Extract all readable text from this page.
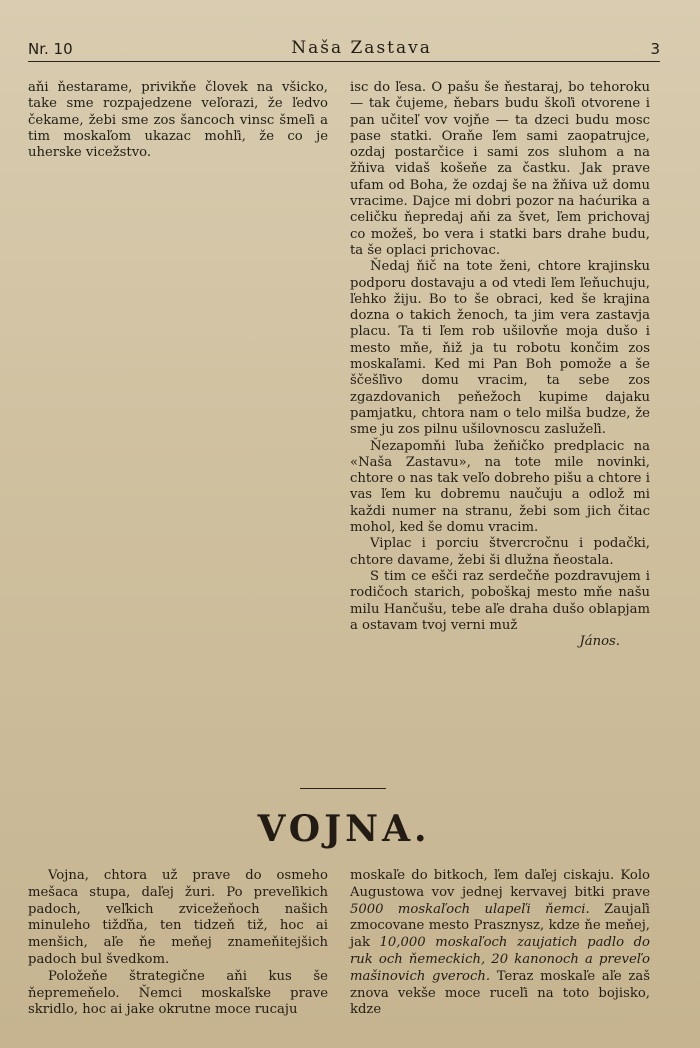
Nr. 10	Naša Zastava	3

aňi ňestarame, privikňe človek na všicko, take sme rozpajedzene veľorazi, že ľedvo čekame, žebi sme zos šancoch vinsc šmeľi a tim moskaľom ukazac mohľi, že co je uherske vicežstvo.

isc do ľesa. O pašu še ňestaraj, bo tehoroku — tak čujeme, ňebars budu škoľi otvorene i pan učiteľ vov vojňe — ta dzeci budu mosc pase statki. Oraňe ľem sami zaopatrujce, ozdaj postarčice i sami zos sluhom a na žňiva vidaš košeňe za častku. Jak prave ufam od Boha, že ozdaj še na žňiva už domu vracime. Dajce mi dobri pozor na haćurika a celičku ňepredaj aňi za švet, ľem prichovaj co možeš, bo vera i statki bars drahe budu, ta še oplaci prichovac.

Ňedaj ňič na tote ženi, chtore krajinsku podporu dostavaju a od vtedi ľem ľeňuchuju, ľehko žiju. Bo to še obraci, ked še krajina dozna o takich ženoch, ta jim vera zastavja placu. Ta ti ľem rob ušilovňe moja dušo i mesto mňe, ňiž ja tu robotu končim zos moskaľami. Ked mi Pan Boh pomože a še ščešľivo domu vracim, ta sebe zos zgazdovanich peňežoch kupime dajaku pamjatku, chtora nam o telo milša budze, že sme ju zos pilnu ušilovnoscu zaslužeľi.

Ňezapomňi ľuba žeňičko predplacic na «Naša Zastavu», na tote mile novinki, chtore o nas tak veľo dobreho pišu a chtore i vas ľem ku dobremu naučuju a odlož mi každi numer na stranu, žebi som jich čitac mohol, ked še domu vracim.

Viplac i porciu štvercročnu i podački, chtore davame, žebi ši dlužna ňeostala.

S tim ce ešči raz serdečňe pozdravujem i rodičoch starich, poboškaj mesto mňe našu milu Hančušu, tebe aľe draha dušo oblapjam a ostavam tvoj verni muž

János.

VOJNA.

Vojna, chtora už prave do osmeho mešaca stupa, daľej žuri. Po preveľikich padoch, veľkich zvicežeňoch našich minuleho tižďňa, ten tidzeň tiž, hoc ai menšich, aľe ňe meňej znameňitejšich padoch bul švedkom.

Položeňe štrategične aňi kus še ňepremeňelo. Ňemci moskaľske prave skridlo, hoc ai jake okrutne moce rucaju

moskaľe do bitkoch, ľem daľej ciskaju. Kolo Augustowa vov jednej kervavej bitki prave 5000 moskaľoch ulapeľi ňemci. Zaujaľi zmocovane mesto Prasznysz, kdze ňe meňej, jak 10,000 moskaľoch zaujatich padlo do ruk och ňemeckich, 20 kanonoch a preveľo mašinovich gveroch. Teraz moskaľe aľe zaš znova vekše moce ruceľi na toto bojisko, kdze
